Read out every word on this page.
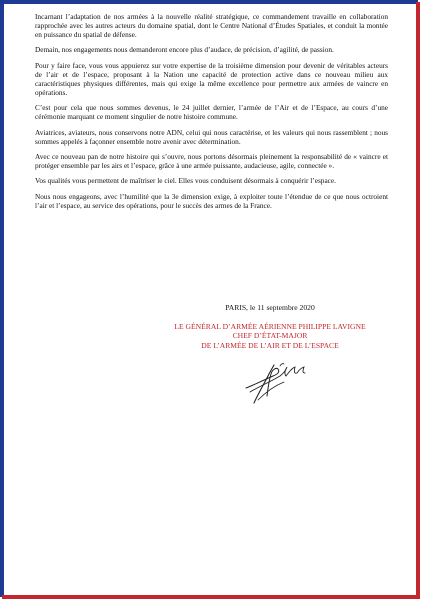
Incarnant l’adaptation de nos armées à la nouvelle réalité stratégique, ce commandement travaille en collaboration rapprochée avec les autres acteurs du domaine spatial, dont le Centre National d’Études Spatiales, et conduit la montée en puissance du spatial de défense.

Demain, nos engagements nous demanderont encore plus d’audace, de précision, d’agilité, de passion.

Pour y faire face, vous vous appuierez sur votre expertise de la troisième dimension pour devenir de véritables acteurs de l’air et de l’espace, proposant à la Nation une capacité de protection active dans ce nouveau milieu aux caractéristiques physiques différentes, mais qui exige la même excellence pour permettre aux armées de vaincre en opérations.

C’est pour cela que nous sommes devenus, le 24 juillet dernier, l’armée de l’Air et de l’Espace, au cours d’une cérémonie marquant ce moment singulier de notre histoire commune.

Aviatrices, aviateurs, nous conservons notre ADN, celui qui nous caractérise, et les valeurs qui nous rassemblent ; nous sommes appelés à façonner ensemble notre avenir avec détermination.

Avec ce nouveau pan de notre histoire qui s’ouvre, nous portons désormais pleinement la responsabilité de « vaincre et protéger ensemble par les airs et l’espace, grâce à une armée puissante, audacieuse, agile, connectée ».

Vos qualités vous permettent de maîtriser le ciel. Elles vous conduisent désormais à conquérir l’espace.

Nous nous engageons, avec l’humilité que la 3e dimension exige, à exploiter toute l’étendue de ce que nous octroient l’air et l’espace, au service des opérations, pour le succès des armes de la France.

PARIS, le 11 septembre 2020
LE GÉNÉRAL D’ARMÉE AÉRIENNE PHILIPPE LAVIGNE
CHEF D’ÉTAT-MAJOR
DE L’ARMÉE DE L’AIR ET DE L’ESPACE
